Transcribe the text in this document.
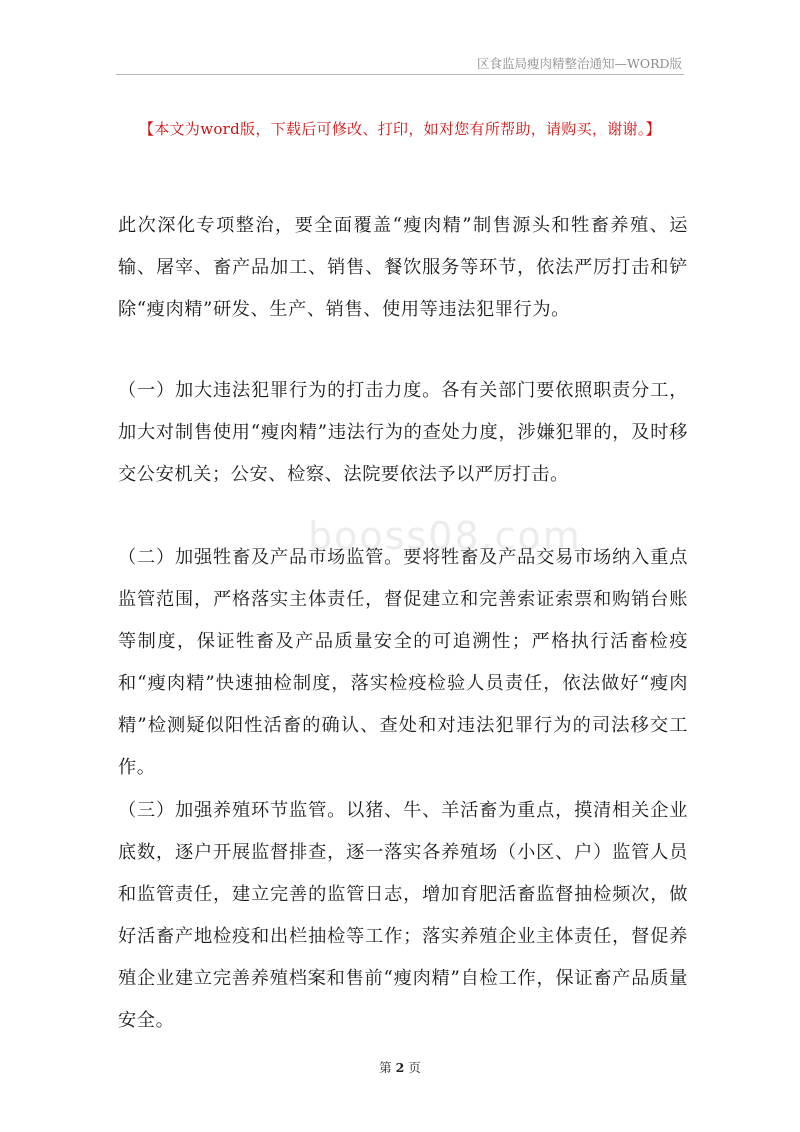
区食监局瘦肉精整治通知—WORD版
【本文为word版，下载后可修改、打印，如对您有所帮助，请购买，谢谢。】
booss08.com

此次深化专项整治，要全面覆盖“瘦肉精”制售源头和牲畜养殖、运输、屠宰、畜产品加工、销售、餐饮服务等环节，依法严厉打击和铲除“瘦肉精”研发、生产、销售、使用等违法犯罪行为。

（一）加大违法犯罪行为的打击力度。各有关部门要依照职责分工，加大对制售使用“瘦肉精”违法行为的查处力度，涉嫌犯罪的，及时移交公安机关；公安、检察、法院要依法予以严厉打击。

（二）加强牲畜及产品市场监管。要将牲畜及产品交易市场纳入重点监管范围，严格落实主体责任，督促建立和完善索证索票和购销台账等制度，保证牲畜及产品质量安全的可追溯性；严格执行活畜检疫和“瘦肉精”快速抽检制度，落实检疫检验人员责任，依法做好“瘦肉精”检测疑似阳性活畜的确认、查处和对违法犯罪行为的司法移交工作。

（三）加强养殖环节监管。以猪、牛、羊活畜为重点，摸清相关企业底数，逐户开展监督排查，逐一落实各养殖场（小区、户）监管人员和监管责任，建立完善的监管日志，增加育肥活畜监督抽检频次，做好活畜产地检疫和出栏抽检等工作；落实养殖企业主体责任，督促养殖企业建立完善养殖档案和售前“瘦肉精”自检工作，保证畜产品质量安全。

第 2 页
